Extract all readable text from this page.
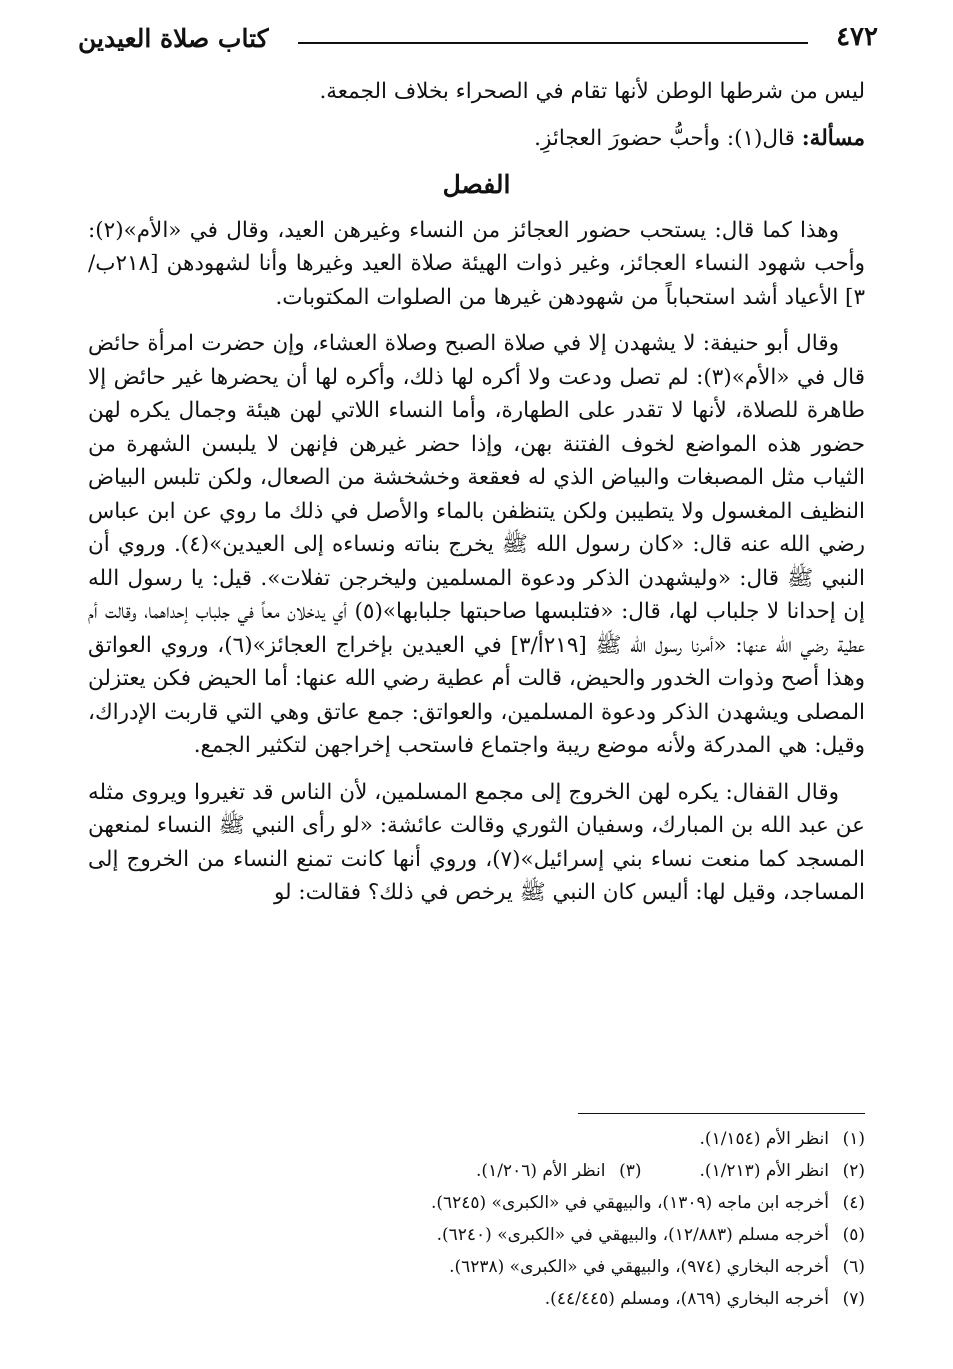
٤٧٢
كتاب صلاة العيدين

ليس من شرطها الوطن لأنها تقام في الصحراء بخلاف الجمعة.

مسألة: قال(١): وأحبُّ حضورَ العجائزِ.

الفصل

وهذا كما قال: يستحب حضور العجائز من النساء وغيرهن العيد، وقال في «الأم»(٢): وأحب شهود النساء العجائز، وغير ذوات الهيئة صلاة العيد وغيرها وأنا لشهودهن [٢١٨ب/٣] الأعياد أشد استحباباً من شهودهن غيرها من الصلوات المكتوبات.

وقال أبو حنيفة: لا يشهدن إلا في صلاة الصبح وصلاة العشاء، وإن حضرت امرأة حائض قال في «الأم»(٣): لم تصل ودعت ولا أكره لها ذلك، وأكره لها أن يحضرها غير حائض إلا طاهرة للصلاة، لأنها لا تقدر على الطهارة، وأما النساء اللاتي لهن هيئة وجمال يكره لهن حضور هذه المواضع لخوف الفتنة بهن، وإذا حضر غيرهن فإنهن لا يلبسن الشهرة من الثياب مثل المصبغات والبياض الذي له فعقعة وخشخشة من الصعال، ولكن تلبس البياض النظيف المغسول ولا يتطيبن ولكن يتنظفن بالماء والأصل في ذلك ما روي عن ابن عباس رضي الله عنه قال: «كان رسول الله ﷺ يخرج بناته ونساءه إلى العيدين»(٤). وروي أن النبي ﷺ قال: «وليشهدن الذكر ودعوة المسلمين وليخرجن تفلات». قيل: يا رسول الله إن إحدانا لا جلباب لها، قال: «فتلبسها صاحبتها جلبابها»(٥) أي يدخلان معاً في جلباب إحداهما، وقالت أم عطية رضي الله عنها: «أمرنا رسول الله ﷺ [٢١٩أ/٣] في العيدين بإخراج العجائز»(٦)، وروي العواتق وهذا أصح وذوات الخدور والحيض، قالت أم عطية رضي الله عنها: أما الحيض فكن يعتزلن المصلى ويشهدن الذكر ودعوة المسلمين، والعواتق: جمع عاتق وهي التي قاربت الإدراك، وقيل: هي المدركة ولأنه موضع ريبة واجتماع فاستحب إخراجهن لتكثير الجمع.

وقال القفال: يكره لهن الخروج إلى مجمع المسلمين، لأن الناس قد تغيروا ويروى مثله عن عبد الله بن المبارك، وسفيان الثوري وقالت عائشة: «لو رأى النبي ﷺ النساء لمنعهن المسجد كما منعت نساء بني إسرائيل»(٧)، وروي أنها كانت تمنع النساء من الخروج إلى المساجد، وقيل لها: أليس كان النبي ﷺ يرخص في ذلك؟ فقالت: لو

(١)انظر الأم (١/١٥٤).
(٢)انظر الأم (١/٢١٣).
(٣)انظر الأم (١/٢٠٦).
(٤)أخرجه ابن ماجه (١٣٠٩)، والبيهقي في «الكبرى» (٦٢٤٥).
(٥)أخرجه مسلم (١٢/٨٨٣)، والبيهقي في «الكبرى» (٦٢٤٠).
(٦)أخرجه البخاري (٩٧٤)، والبيهقي في «الكبرى» (٦٢٣٨).
(٧)أخرجه البخاري (٨٦٩)، ومسلم (٤٤/٤٤٥).
